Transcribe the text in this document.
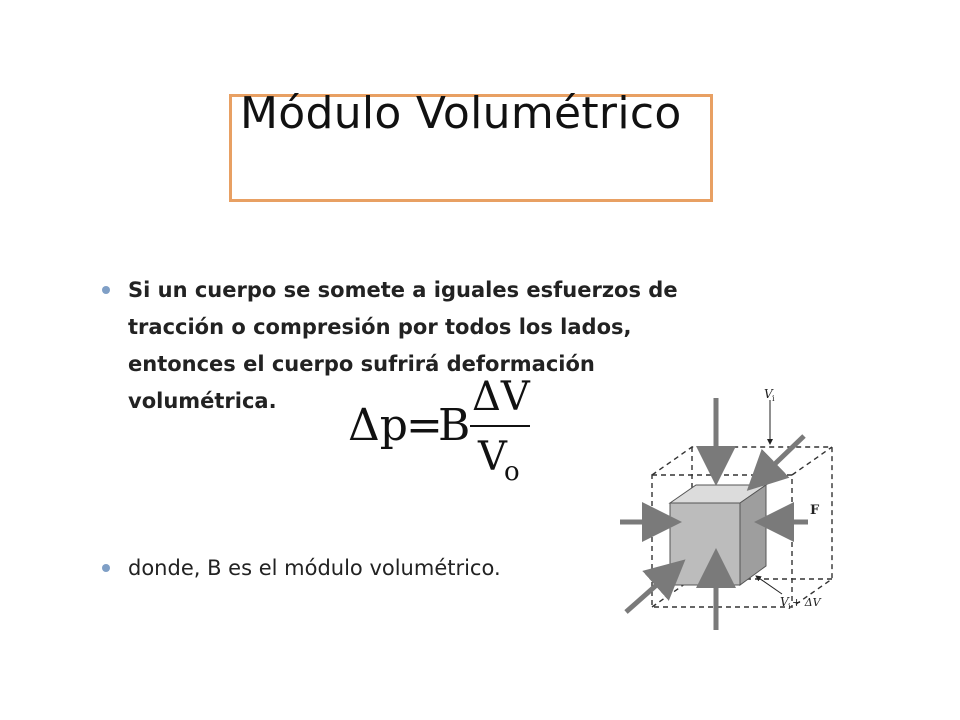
Módulo Volumétrico
Si un cuerpo se somete a iguales esfuerzos de tracción o compresión por todos los lados, entonces el cuerpo sufrirá deformación volumétrica.
donde, B es el módulo volumétrico.
Δp
=
B
ΔV
V
o
V i
F
V i + ΔV
